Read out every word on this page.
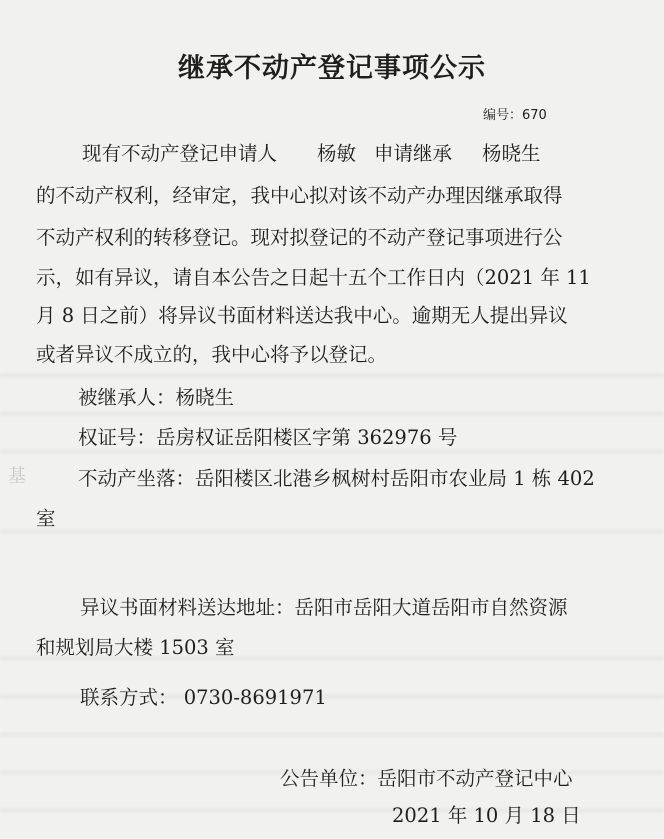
继承不动产登记事项公示
编号：670
现有不动产登记申请人 杨敏 申请继承 杨晓生
的不动产权利，经审定，我中心拟对该不动产办理因继承取得
不动产权利的转移登记。现对拟登记的不动产登记事项进行公
示，如有异议，请自本公告之日起十五个工作日内（2021 年 11
月 8 日之前）将异议书面材料送达我中心。逾期无人提出异议
或者异议不成立的，我中心将予以登记。
被继承人：杨晓生
权证号：岳房权证岳阳楼区字第 362976 号
不动产坐落：岳阳楼区北港乡枫树村岳阳市农业局 1 栋 402
室
异议书面材料送达地址：岳阳市岳阳大道岳阳市自然资源
和规划局大楼 1503 室
联系方式： 0730-8691971
公告单位：岳阳市不动产登记中心
2021 年 10 月 18 日
基
